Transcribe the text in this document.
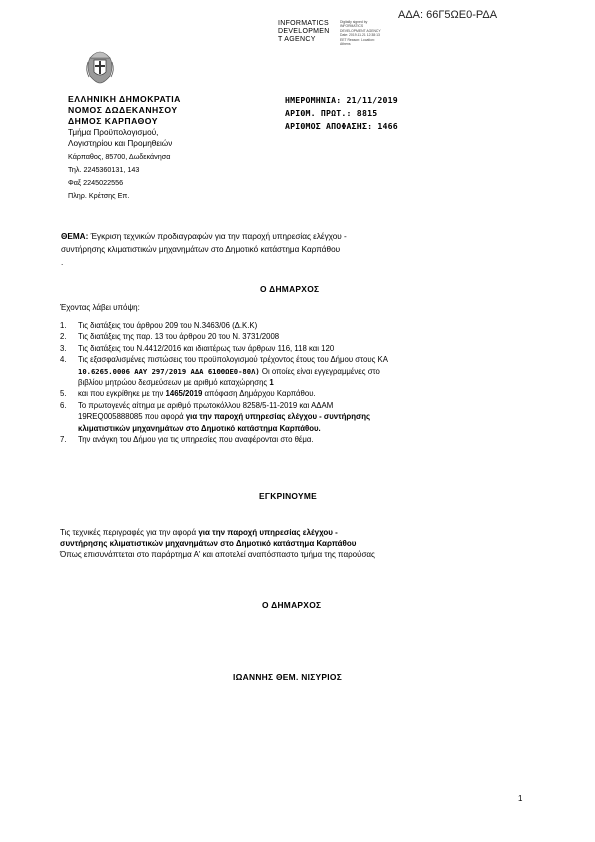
ΑΔΑ: 66Γ5ΩΕ0-ΡΔΑ
INFORMATICS
DEVELOPMEN
T AGENCY
Digitally signed by INFORMATICS DEVELOPMENT AGENCY Date: 2019.11.21 12:38:13 EET Reason: Location: Athens
ΕΛΛΗΝΙΚΗ ΔΗΜΟΚΡΑΤΙΑ
ΝΟΜΟΣ ΔΩΔΕΚΑΝΗΣΟΥ
ΔΗΜΟΣ ΚΑΡΠΑΘΟΥ
Τμήμα Προϋπολογισμού,
Λογιστηρίου και Προμηθειών
Κάρπαθος, 85700, Δωδεκάνησα
Τηλ. 2245360131, 143
Φαξ 2245022556
Πληρ. Κρέτσης Επ.
ΗΜΕΡΟΜΗΝΙΑ: 21/11/2019
ΑΡΙΘΜ. ΠΡΩΤ.: 8815
ΑΡΙΘΜΟΣ ΑΠΟΦΑΣΗΣ: 1466
ΘΕΜΑ: Έγκριση τεχνικών προδιαγραφών για την παροχή υπηρεσίας ελέγχου -
συντήρησης κλιματιστικών μηχανημάτων στο Δημοτικό κατάστημα Καρπάθου
.
Ο ΔΗΜΑΡΧΟΣ
Έχοντας λάβει υπόψη:
1. Τις διατάξεις του άρθρου 209 του Ν.3463/06 (Δ.Κ.Κ)
2. Τις διατάξεις της παρ. 13 του άρθρου 20 του Ν. 3731/2008
3. Τις διατάξεις του Ν.4412/2016 και ιδιαιτέρως των άρθρων 116, 118 και 120
4. Τις εξασφαλισμένες πιστώσεις του προϋπολογισμού τρέχοντος έτους του Δήμου στους ΚΑ
10.6265.0006 ΑΑΥ 297/2019 ΑΔΑ 61ΘΘΩΕ0-80Λ) Οι οποίες είναι εγγεγραμμένες στο
βιβλίου μητρώου δεσμεύσεων με αριθμό καταχώρησης 1
5. και που εγκρίθηκε με την 1465/2019 απόφαση Δημάρχου Καρπάθου.
6. Το πρωτογενές αίτημα με αριθμό πρωτοκόλλου 8258/5-11-2019 και ΑΔΑΜ
19REQ005888085 που αφορά για την παροχή υπηρεσίας ελέγχου - συντήρησης
κλιματιστικών μηχανημάτων στο Δημοτικό κατάστημα Καρπάθου.
7. Την ανάγκη του Δήμου για τις υπηρεσίες που αναφέρονται στο θέμα.
ΕΓΚΡΙΝΟΥΜΕ
Τις τεχνικές περιγραφές για την αφορά για την παροχή υπηρεσίας ελέγχου -
συντήρησης κλιματιστικών μηχανημάτων στο Δημοτικό κατάστημα Καρπάθου
Όπως επισυνάπτεται στο παράρτημα Α' και αποτελεί αναπόσπαστο τμήμα της παρούσας
Ο ΔΗΜΑΡΧΟΣ
ΙΩΑΝΝΗΣ ΘΕΜ. ΝΙΣΥΡΙΟΣ
1
